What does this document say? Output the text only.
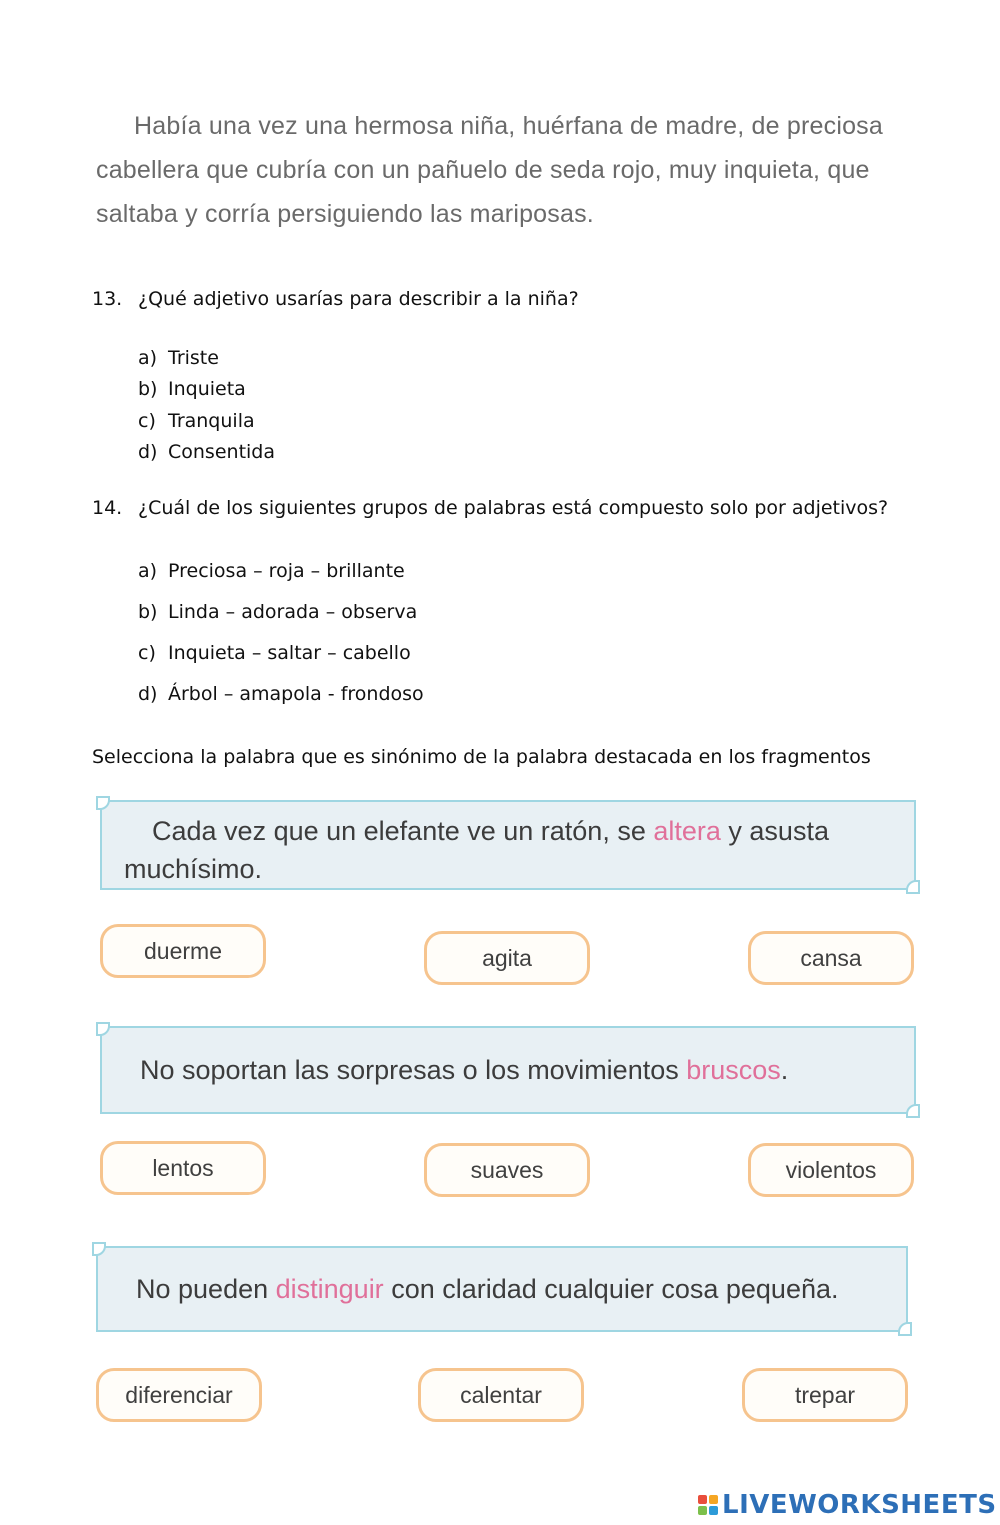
Había una vez una hermosa niña, huérfana de madre, de preciosa cabellera que cubría con un pañuelo de seda rojo, muy inquieta, que saltaba y corría persiguiendo las mariposas.
13. ¿Qué adjetivo usarías para describir a la niña?
a) Triste
b) Inquieta
c) Tranquila
d) Consentida
14. ¿Cuál de los siguientes grupos de palabras está compuesto solo por adjetivos?
a) Preciosa – roja – brillante
b) Linda – adorada – observa
c) Inquieta – saltar – cabello
d) Árbol – amapola - frondoso
Selecciona la palabra que es sinónimo de la palabra destacada en los fragmentos
Cada vez que un elefante ve un ratón, se altera y asusta muchísimo.
duerme	agita	cansa
No soportan las sorpresas o los movimientos bruscos.
lentos	suaves	violentos
No pueden distinguir con claridad cualquier cosa pequeña.
diferenciar	calentar	trepar
LIVEWORKSHEETS
